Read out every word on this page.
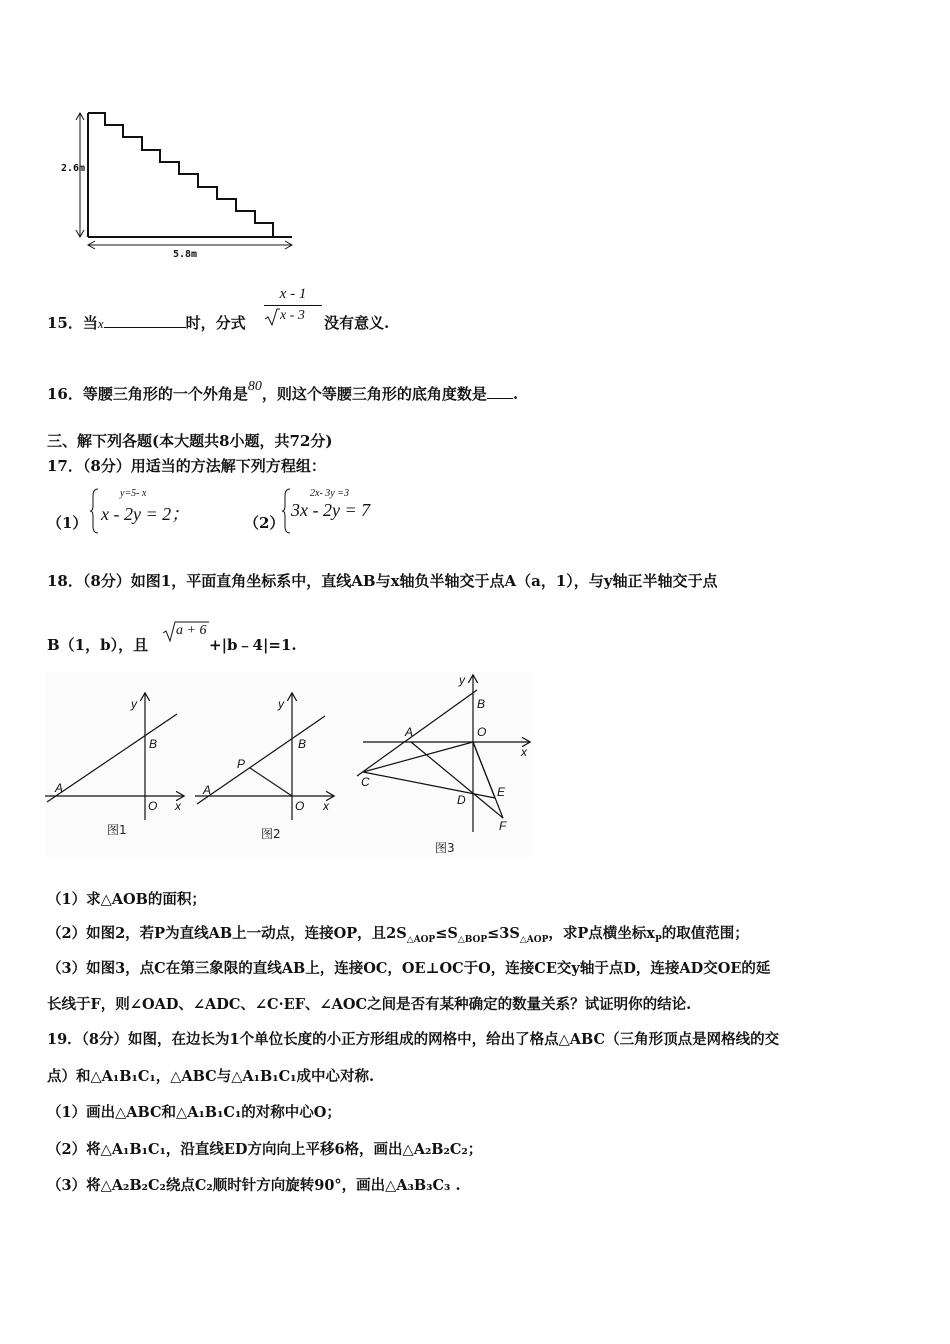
2.6m
5.8m
15．当x	时，分式
x - 1
x - 3 没有意义.
16．等腰三角形的一个外角是80，则这个等腰三角形的底角度数是 .
三、解下列各题(本大题共8小题，共72分)
17．（8分）用适当的方法解下列方程组：
（1）
y=5- x
x - 2y = 2；	（2）
2x- 3y =3
3x - 2y = 7
18．（8分）如图1，平面直角坐标系中，直线AB与x轴负半轴交于点A（a，1），与y轴正半轴交于点
B（1，b），且
a + 6
+|b﹣4|=1.
A
B
O x
y
图1
A
P
B
O x
y
图2
B
A	O
x
y
C
D
E
F
图3
（1）求△AOB的面积；
（2）如图2，若P为直线AB上一动点，连接OP，且$2S_{\triangle AOP}\le S_{\triangle BOP}\le 3S_{\triangle AOP}$，求P点横坐标$x_P$的取值范围；
（3）如图3，点C在第三象限的直线AB上，连接OC，OE⊥OC于O，连接CE交y轴于点D，连接AD交OE的延
长线于F，则∠OAD、∠ADC、∠C·EF、∠AOC之间是否有某种确定的数量关系？试证明你的结论.
19．（8分）如图，在边长为1个单位长度的小正方形组成的网格中，给出了格点△ABC（三角形顶点是网格线的交
点）和△A₁B₁C₁，△ABC与△A₁B₁C₁成中心对称.
（1）画出△ABC和△A₁B₁C₁的对称中心O；
（2）将△A₁B₁C₁，沿直线ED方向向上平移6格，画出△A₂B₂C₂；
（3）将△A₂B₂C₂绕点C₂顺时针方向旋转90°，画出△A₃B₃C₃ .
